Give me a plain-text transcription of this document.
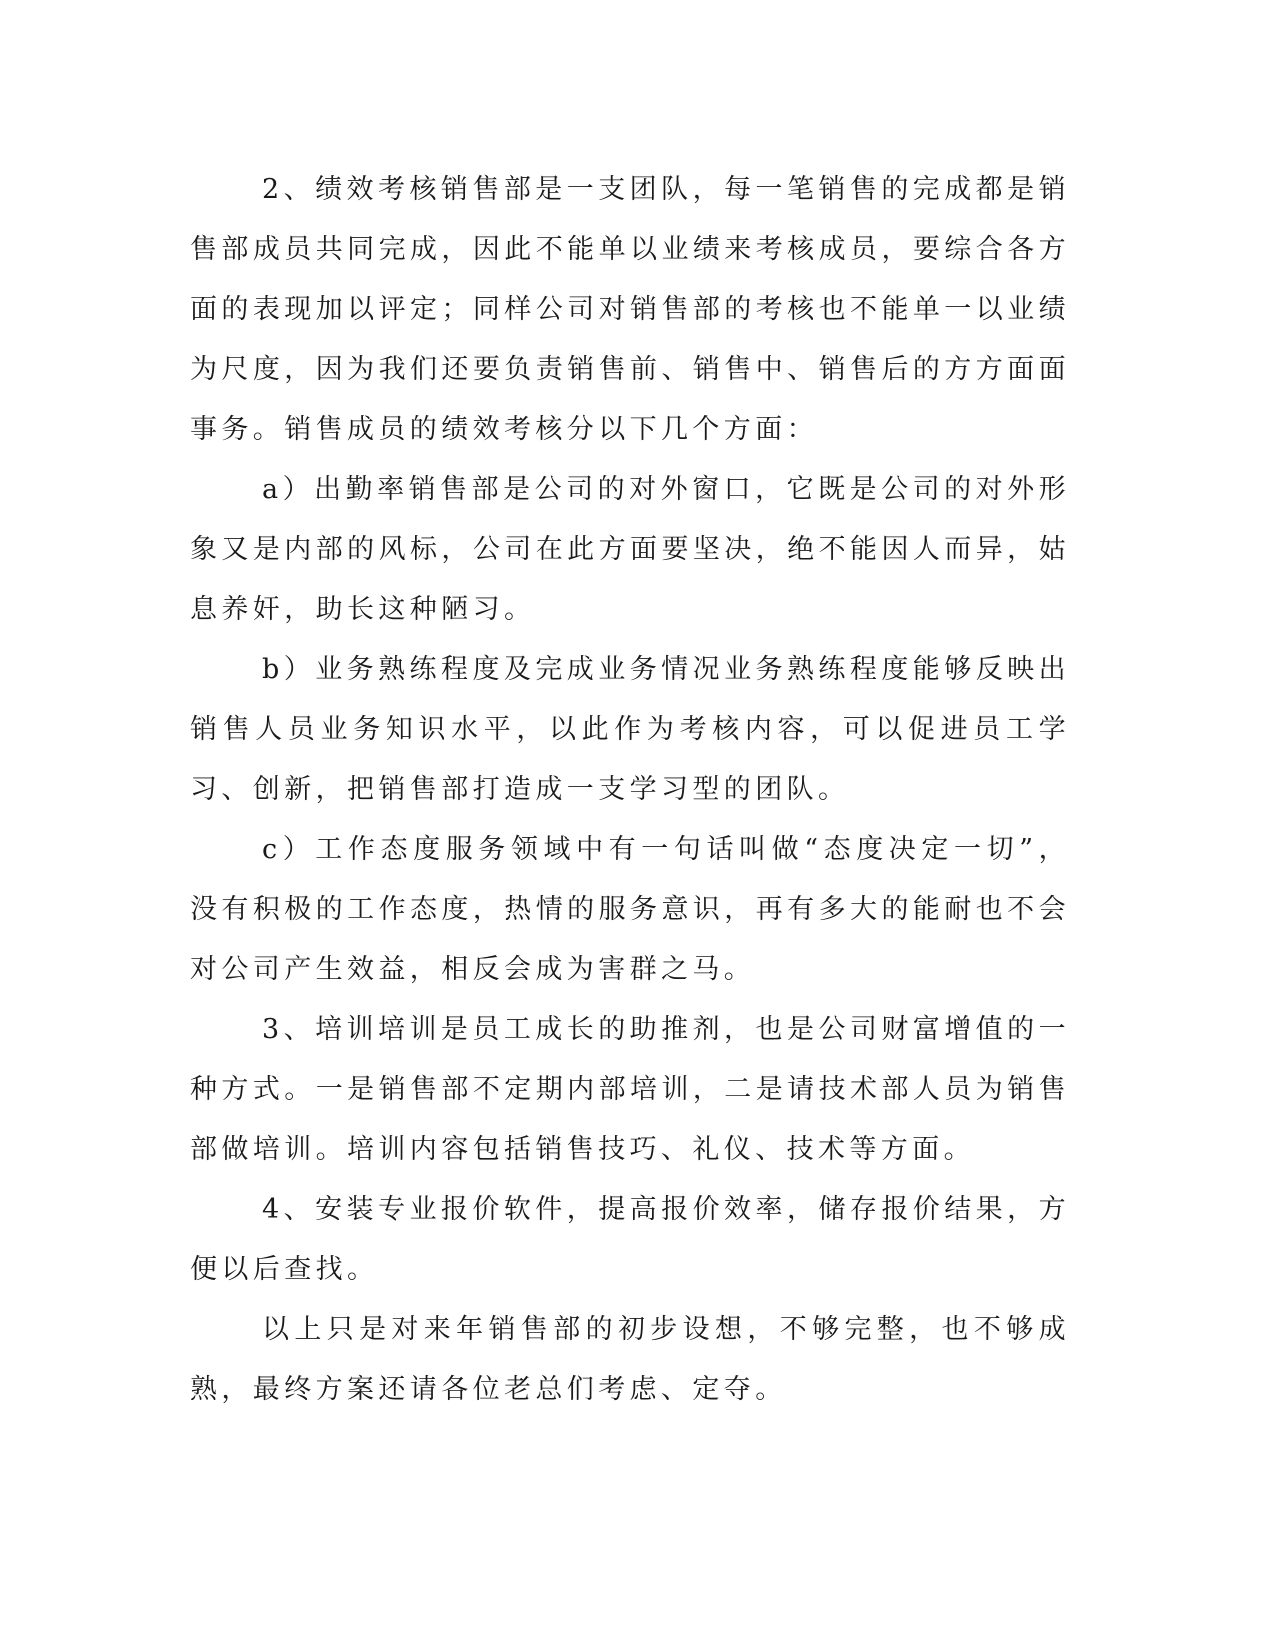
2、绩效考核销售部是一支团队，每一笔销售的完成都是销售部成员共同完成，因此不能单以业绩来考核成员，要综合各方面的表现加以评定；同样公司对销售部的考核也不能单一以业绩为尺度，因为我们还要负责销售前、销售中、销售后的方方面面事务。销售成员的绩效考核分以下几个方面：

a）出勤率销售部是公司的对外窗口，它既是公司的对外形象又是内部的风标，公司在此方面要坚决，绝不能因人而异，姑息养奸，助长这种陋习。

b）业务熟练程度及完成业务情况业务熟练程度能够反映出销售人员业务知识水平，以此作为考核内容，可以促进员工学习、创新，把销售部打造成一支学习型的团队。

c）工作态度服务领域中有一句话叫做“态度决定一切”，没有积极的工作态度，热情的服务意识，再有多大的能耐也不会对公司产生效益，相反会成为害群之马。

3、培训培训是员工成长的助推剂，也是公司财富增值的一种方式。一是销售部不定期内部培训，二是请技术部人员为销售部做培训。培训内容包括销售技巧、礼仪、技术等方面。

4、安装专业报价软件，提高报价效率，储存报价结果，方便以后查找。

以上只是对来年销售部的初步设想，不够完整，也不够成熟，最终方案还请各位老总们考虑、定夺。
